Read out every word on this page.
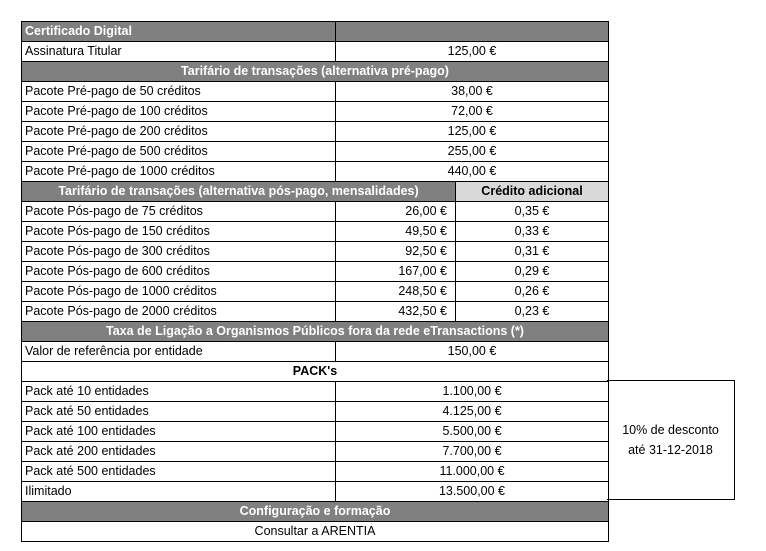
Certificado Digital		
Assinatura Titular	125,00 €	
Tarifário de transações (alternativa pré-pago)		
Pacote Pré-pago de 50 créditos	38,00 €	
Pacote Pré-pago de 100 créditos	72,00 €	
Pacote Pré-pago de 200 créditos	125,00 €	
Pacote Pré-pago de 500 créditos	255,00 €	
Pacote Pré-pago de 1000 créditos	440,00 €	
Tarifário de transações (alternativa pós-pago, mensalidades)		Crédito adicional
Pacote Pós-pago de 75 créditos	26,00 €	0,35 €
Pacote Pós-pago de 150 créditos	49,50 €	0,33 €
Pacote Pós-pago de 300 créditos	92,50 €	0,31 €
Pacote Pós-pago de 600 créditos	167,00 €	0,29 €
Pacote Pós-pago de 1000 créditos	248,50 €	0,26 €
Pacote Pós-pago de 2000 créditos	432,50 €	0,23 €
Taxa de Ligação a Organismos Públicos fora da rede eTransactions (*)		
Valor de referência por entidade	150,00 €	
PACK's		
Pack até 10 entidades	1.100,00 €	
Pack até 50 entidades	4.125,00 €	
Pack até 100 entidades	5.500,00 €	
Pack até 200 entidades	7.700,00 €	
Pack até 500 entidades	11.000,00 €	
Ilimitado	13.500,00 €	
Configuração e formação		
Consultar a ARENTIA		
10% de desconto
até 31-12-2018
